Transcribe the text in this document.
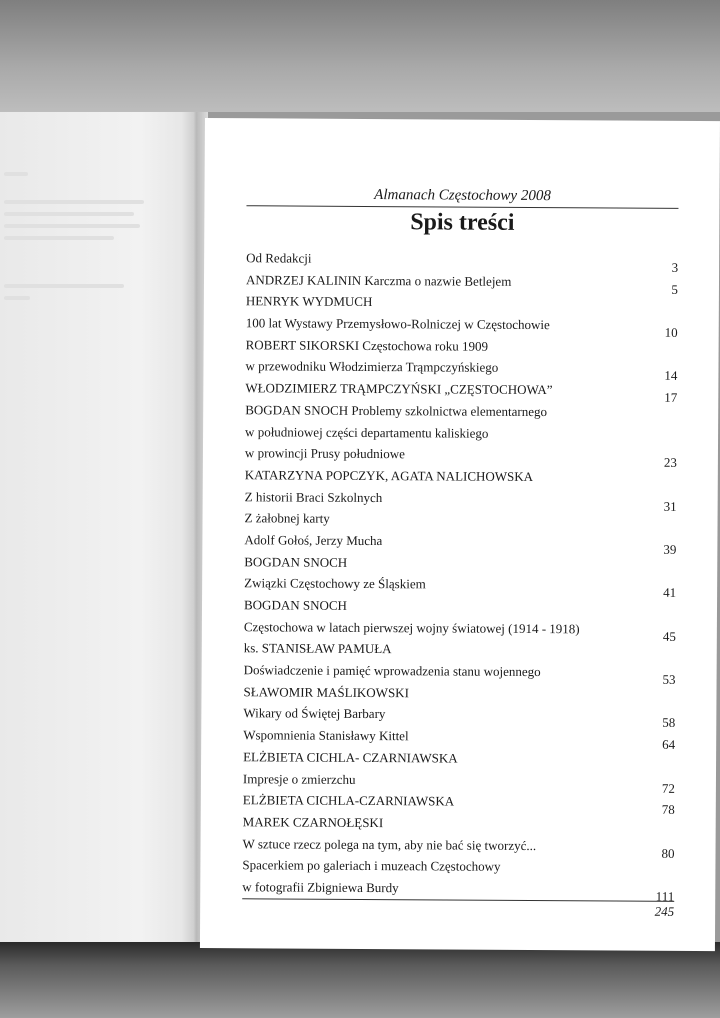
Almanach Częstochowy 2008
Spis treści
Od Redakcji
3
ANDRZEJ KALININ Karczma o nazwie Betlejem
5
HENRYK WYDMUCH
100 lat Wystawy Przemysłowo-Rolniczej w Częstochowie
10
ROBERT SIKORSKI Częstochowa roku 1909
w przewodniku Włodzimierza Trąmpczyńskiego
14
WŁODZIMIERZ TRĄMPCZYŃSKI „CZĘSTOCHOWA”
17
BOGDAN SNOCH Problemy szkolnictwa elementarnego
w południowej części departamentu kaliskiego
w prowincji Prusy południowe
23
KATARZYNA POPCZYK, AGATA NALICHOWSKA
Z historii Braci Szkolnych
31
Z żałobnej karty
Adolf Gołoś, Jerzy Mucha
39
BOGDAN SNOCH
Związki Częstochowy ze Śląskiem
41
BOGDAN SNOCH
Częstochowa w latach pierwszej wojny światowej (1914 - 1918)
45
ks. STANISŁAW PAMUŁA
Doświadczenie i pamięć wprowadzenia stanu wojennego
53
SŁAWOMIR MAŚLIKOWSKI
Wikary od Świętej Barbary
58
Wspomnienia Stanisławy Kittel
64
ELŻBIETA CICHLA- CZARNIAWSKA
Impresje o zmierzchu
72
ELŻBIETA CICHLA-CZARNIAWSKA
78
MAREK CZARNOŁĘSKI
W sztuce rzecz polega na tym, aby nie bać się tworzyć...
80
Spacerkiem po galeriach i muzeach Częstochowy
w fotografii Zbigniewa Burdy
111
245
